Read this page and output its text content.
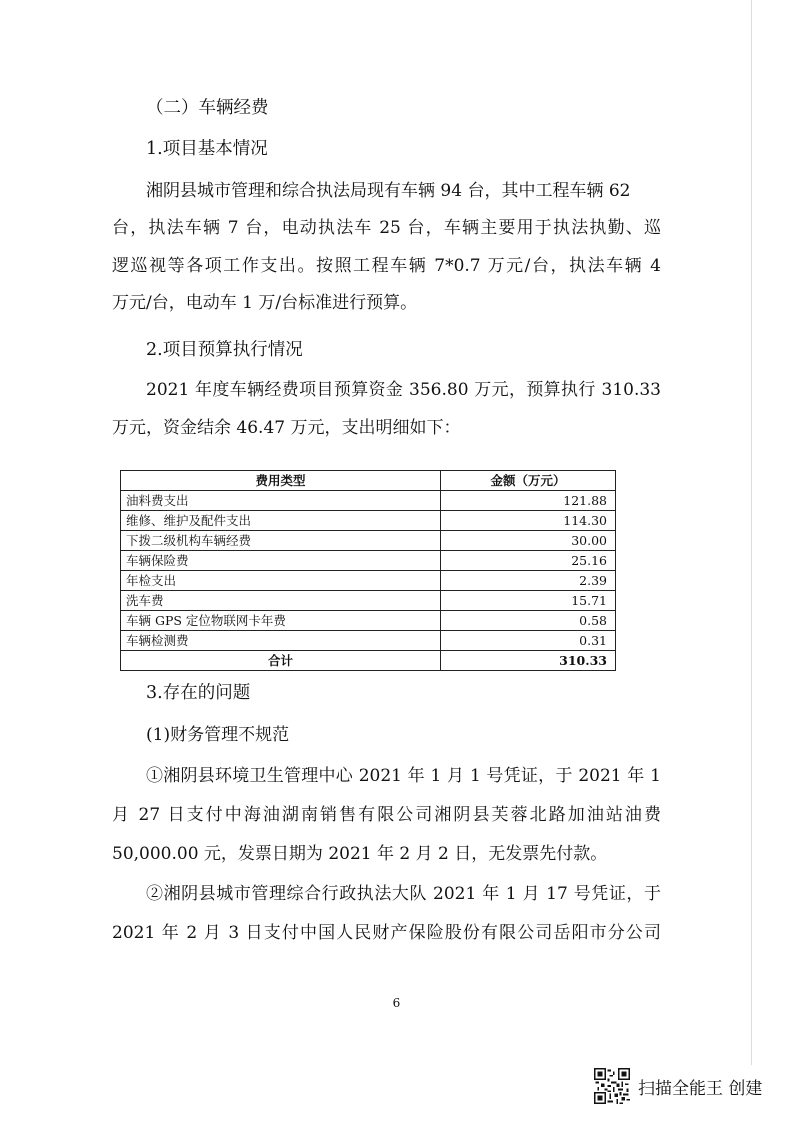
（二）车辆经费
1.项目基本情况
湘阴县城市管理和综合执法局现有车辆 94 台，其中工程车辆 62
台，执法车辆 7 台，电动执法车 25 台，车辆主要用于执法执勤、巡
逻巡视等各项工作支出。按照工程车辆 7*0.7 万元/台，执法车辆 4
万元/台，电动车 1 万/台标准进行预算。
2.项目预算执行情况
2021 年度车辆经费项目预算资金 356.80 万元，预算执行 310.33
万元，资金结余 46.47 万元，支出明细如下：
费用类型	金额（万元）
油料费支出	121.88
维修、维护及配件支出	114.30
下拨二级机构车辆经费	30.00
车辆保险费	25.16
年检支出	2.39
洗车费	15.71
车辆 GPS 定位物联网卡年费	0.58
车辆检测费	0.31
合计	310.33
3.存在的问题
(1)财务管理不规范
①湘阴县环境卫生管理中心 2021 年 1 月 1 号凭证，于 2021 年 1
月 27 日支付中海油湖南销售有限公司湘阴县芙蓉北路加油站油费
50,000.00 元，发票日期为 2021 年 2 月 2 日，无发票先付款。
②湘阴县城市管理综合行政执法大队 2021 年 1 月 17 号凭证，于
2021 年 2 月 3 日支付中国人民财产保险股份有限公司岳阳市分公司
6
扫描全能王 创建
